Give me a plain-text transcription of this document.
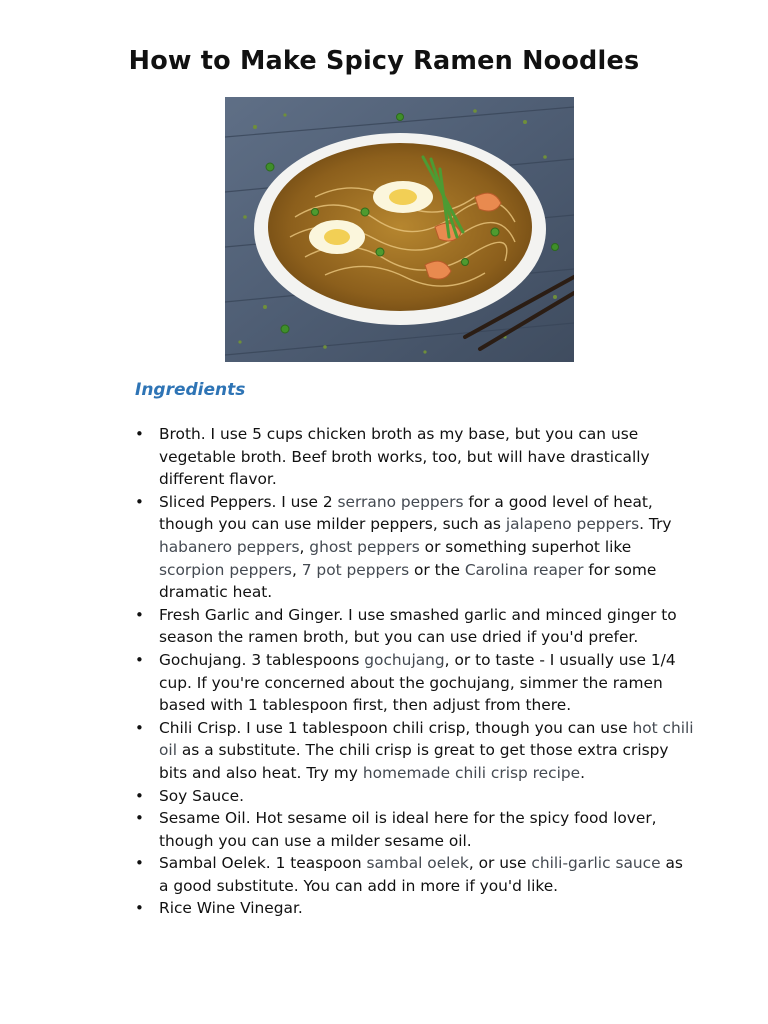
How to Make Spicy Ramen Noodles
Ingredients
• Broth. I use 5 cups chicken broth as my base, but you can use vegetable broth. Beef broth works, too, but will have drastically different flavor.
• Sliced Peppers. I use 2 serrano peppers for a good level of heat, though you can use milder peppers, such as jalapeno peppers. Try habanero peppers, ghost peppers or something superhot like scorpion peppers, 7 pot peppers or the Carolina reaper for some dramatic heat.
• Fresh Garlic and Ginger. I use smashed garlic and minced ginger to season the ramen broth, but you can use dried if you'd prefer.
• Gochujang. 3 tablespoons gochujang, or to taste - I usually use 1/4 cup. If you're concerned about the gochujang, simmer the ramen based with 1 tablespoon first, then adjust from there.
• Chili Crisp. I use 1 tablespoon chili crisp, though you can use hot chili oil as a substitute. The chili crisp is great to get those extra crispy bits and also heat. Try my homemade chili crisp recipe.
• Soy Sauce.
• Sesame Oil. Hot sesame oil is ideal here for the spicy food lover, though you can use a milder sesame oil.
• Sambal Oelek. 1 teaspoon sambal oelek, or use chili-garlic sauce as a good substitute. You can add in more if you'd like.
• Rice Wine Vinegar.
